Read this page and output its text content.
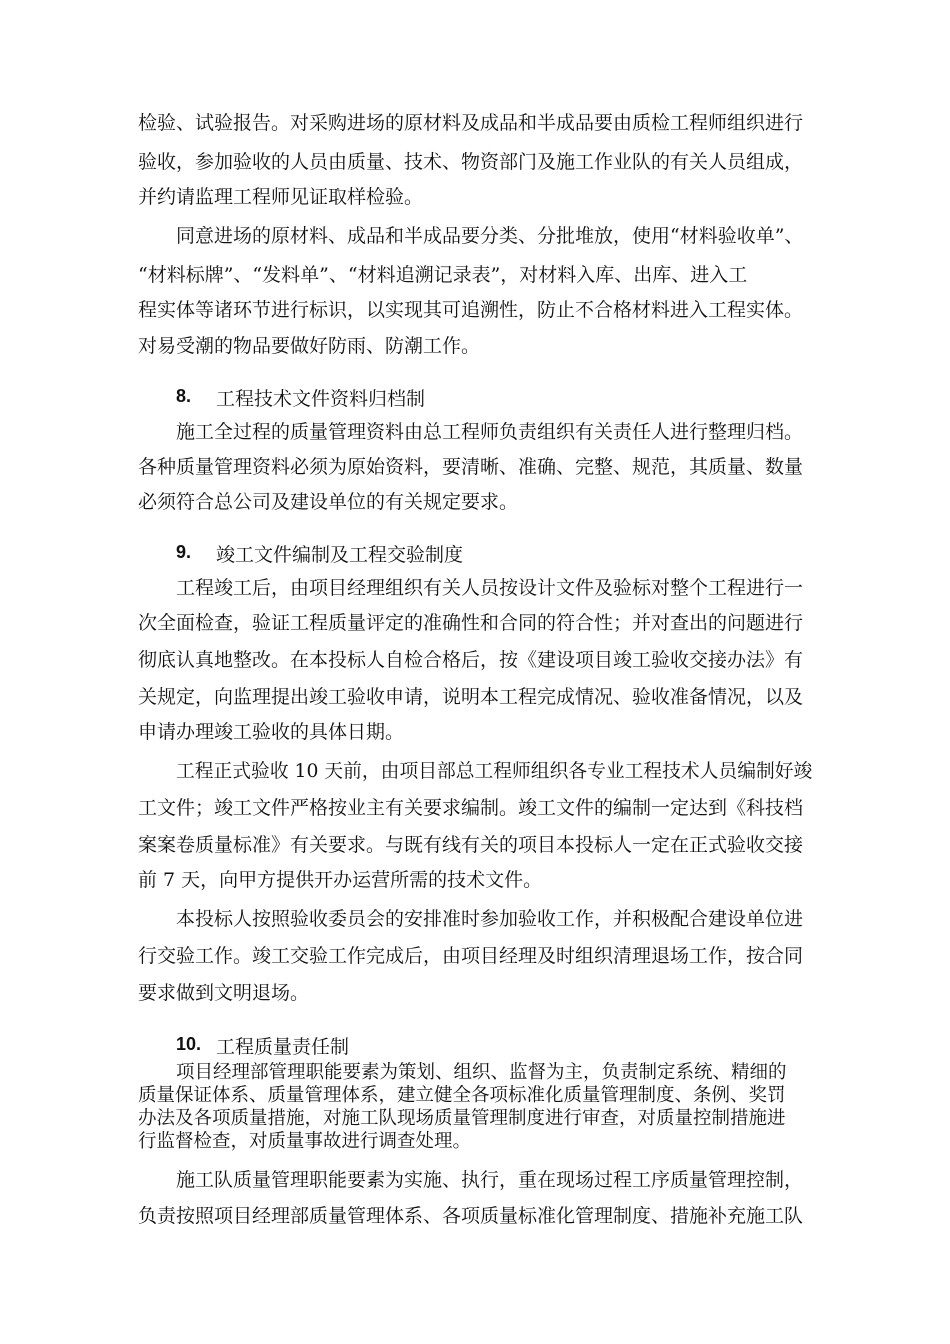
检验、试验报告。对采购进场的原材料及成品和半成品要由质检工程师组织进行
验收，参加验收的人员由质量、技术、物资部门及施工作业队的有关人员组成，
并约请监理工程师见证取样检验。
同意进场的原材料、成品和半成品要分类、分批堆放，使用“材料验收单”、
“材料标牌”、“发料单”、“材料追溯记录表”，对材料入库、出库、进入工
程实体等诸环节进行标识，以实现其可追溯性，防止不合格材料进入工程实体。
对易受潮的物品要做好防雨、防潮工作。
8. 工程技术文件资料归档制
施工全过程的质量管理资料由总工程师负责组织有关责任人进行整理归档。
各种质量管理资料必须为原始资料，要清晰、准确、完整、规范，其质量、数量
必须符合总公司及建设单位的有关规定要求。
9. 竣工文件编制及工程交验制度
工程竣工后，由项目经理组织有关人员按设计文件及验标对整个工程进行一
次全面检查，验证工程质量评定的准确性和合同的符合性；并对查出的问题进行
彻底认真地整改。在本投标人自检合格后，按《建设项目竣工验收交接办法》有
关规定，向监理提出竣工验收申请，说明本工程完成情况、验收准备情况，以及
申请办理竣工验收的具体日期。
工程正式验收 10 天前，由项目部总工程师组织各专业工程技术人员编制好竣
工文件；竣工文件严格按业主有关要求编制。竣工文件的编制一定达到《科技档
案案卷质量标准》有关要求。与既有线有关的项目本投标人一定在正式验收交接
前 7 天，向甲方提供开办运营所需的技术文件。
本投标人按照验收委员会的安排准时参加验收工作，并积极配合建设单位进
行交验工作。竣工交验工作完成后，由项目经理及时组织清理退场工作，按合同
要求做到文明退场。
10. 工程质量责任制
项目经理部管理职能要素为策划、组织、监督为主，负责制定系统、精细的
质量保证体系、质量管理体系，建立健全各项标准化质量管理制度、条例、奖罚
办法及各项质量措施，对施工队现场质量管理制度进行审查，对质量控制措施进
行监督检查，对质量事故进行调查处理。
施工队质量管理职能要素为实施、执行，重在现场过程工序质量管理控制，
负责按照项目经理部质量管理体系、各项质量标准化管理制度、措施补充施工队
